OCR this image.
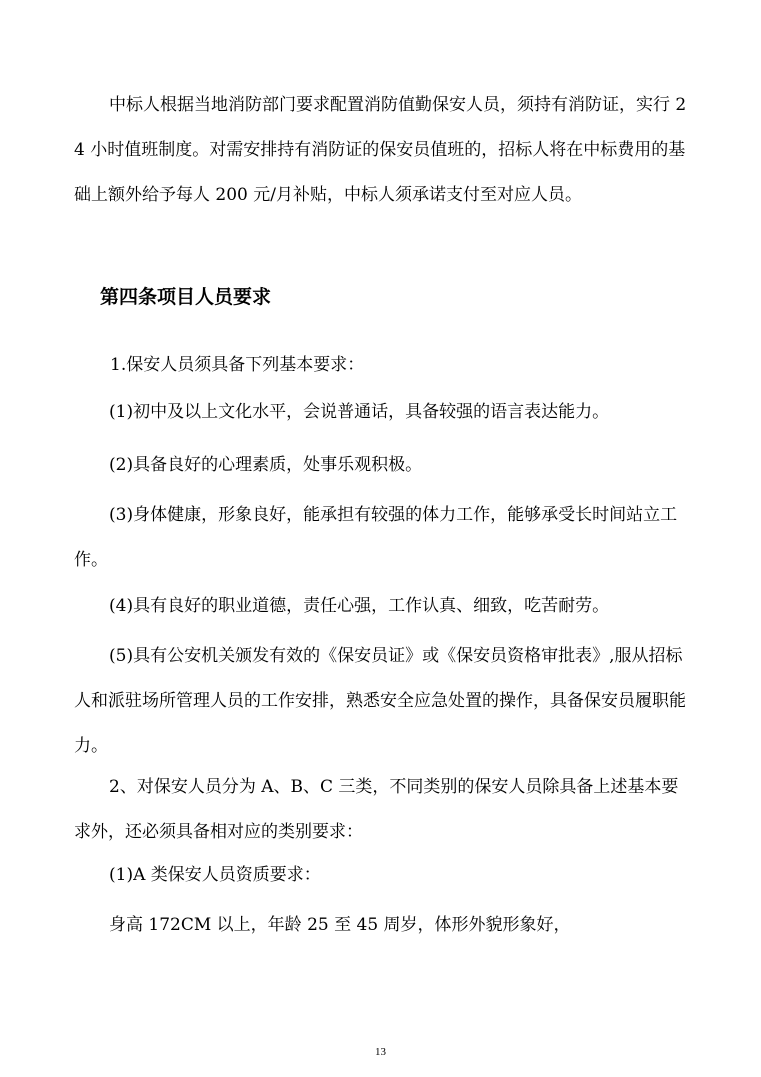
中标人根据当地消防部门要求配置消防值勤保安人员，须持有消防证，实行 24 小时值班制度。对需安排持有消防证的保安员值班的，招标人将在中标费用的基础上额外给予每人 200 元/月补贴，中标人须承诺支付至对应人员。

第四条项目人员要求

1.保安人员须具备下列基本要求：

(1)初中及以上文化水平，会说普通话，具备较强的语言表达能力。

(2)具备良好的心理素质，处事乐观积极。

(3)身体健康，形象良好，能承担有较强的体力工作，能够承受长时间站立工作。

(4)具有良好的职业道德，责任心强，工作认真、细致，吃苦耐劳。

(5)具有公安机关颁发有效的《保安员证》或《保安员资格审批表》,服从招标人和派驻场所管理人员的工作安排，熟悉安全应急处置的操作，具备保安员履职能力。

2、对保安人员分为 A、B、C 三类，不同类别的保安人员除具备上述基本要求外，还必须具备相对应的类别要求：

(1)A 类保安人员资质要求：

身高 172CM 以上，年龄 25 至 45 周岁，体形外貌形象好，

13
